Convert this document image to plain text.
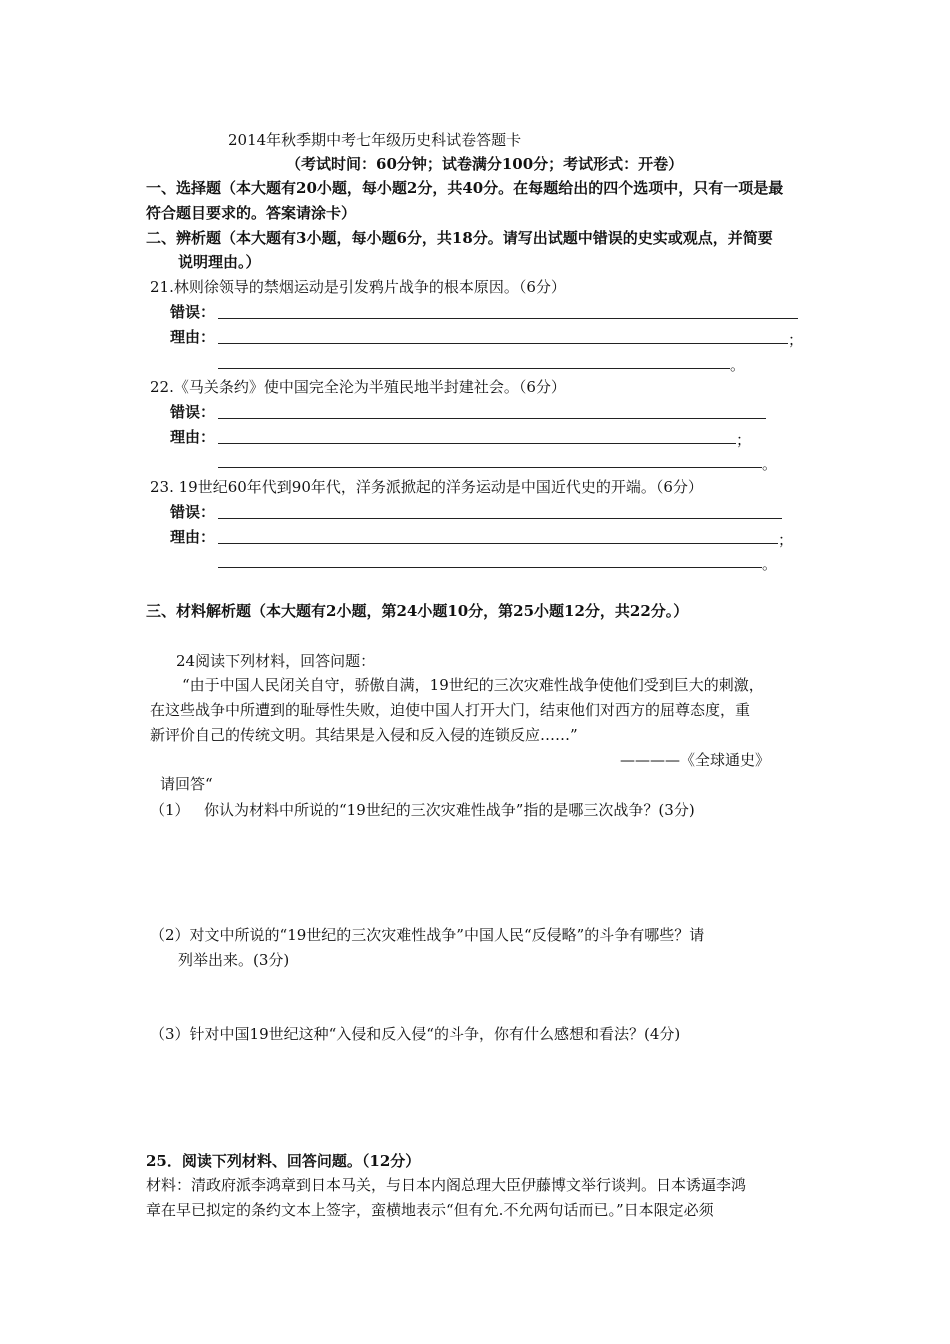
2014年秋季期中考七年级历史科试卷答题卡
（考试时间：60分钟；试卷满分100分；考试形式：开卷）
一、选择题（本大题有20小题，每小题2分，共40分。在每题给出的四个选项中，只有一项是最
符合题目要求的。答案请涂卡）
二、辨析题（本大题有3小题，每小题6分，共18分。请写出试题中错误的史实或观点，并简要
说明理由。）
21.林则徐领导的禁烟运动是引发鸦片战争的根本原因。（6分）
错误：
理由：	；
。
22.《马关条约》使中国完全沦为半殖民地半封建社会。（6分）
错误：
理由：	；
。
23. 19世纪60年代到90年代，洋务派掀起的洋务运动是中国近代史的开端。（6分）
错误：
理由：	；
。
三、材料解析题（本大题有2小题，第24小题10分，第25小题12分，共22分。）
24阅读下列材料，回答问题：
“由于中国人民闭关自守，骄傲自满，19世纪的三次灾难性战争使他们受到巨大的刺激，
在这些战争中所遭到的耻辱性失败，迫使中国人打开大门，结束他们对西方的屈尊态度，重
新评价自己的传统文明。其结果是入侵和反入侵的连锁反应……”
————《全球通史》
请回答“
（1） 你认为材料中所说的“19世纪的三次灾难性战争”指的是哪三次战争？(3分)
（2）对文中所说的“19世纪的三次灾难性战争”中国人民“反侵略”的斗争有哪些？请
列举出来。(3分)
（3）针对中国19世纪这种“入侵和反入侵“的斗争，你有什么感想和看法？(4分)
25．阅读下列材料、回答问题。（12分）
材料：清政府派李鸿章到日本马关，与日本内阁总理大臣伊藤博文举行谈判。日本诱逼李鸿
章在早已拟定的条约文本上签字，蛮横地表示“但有允.不允两句话而已。”日本限定必须
